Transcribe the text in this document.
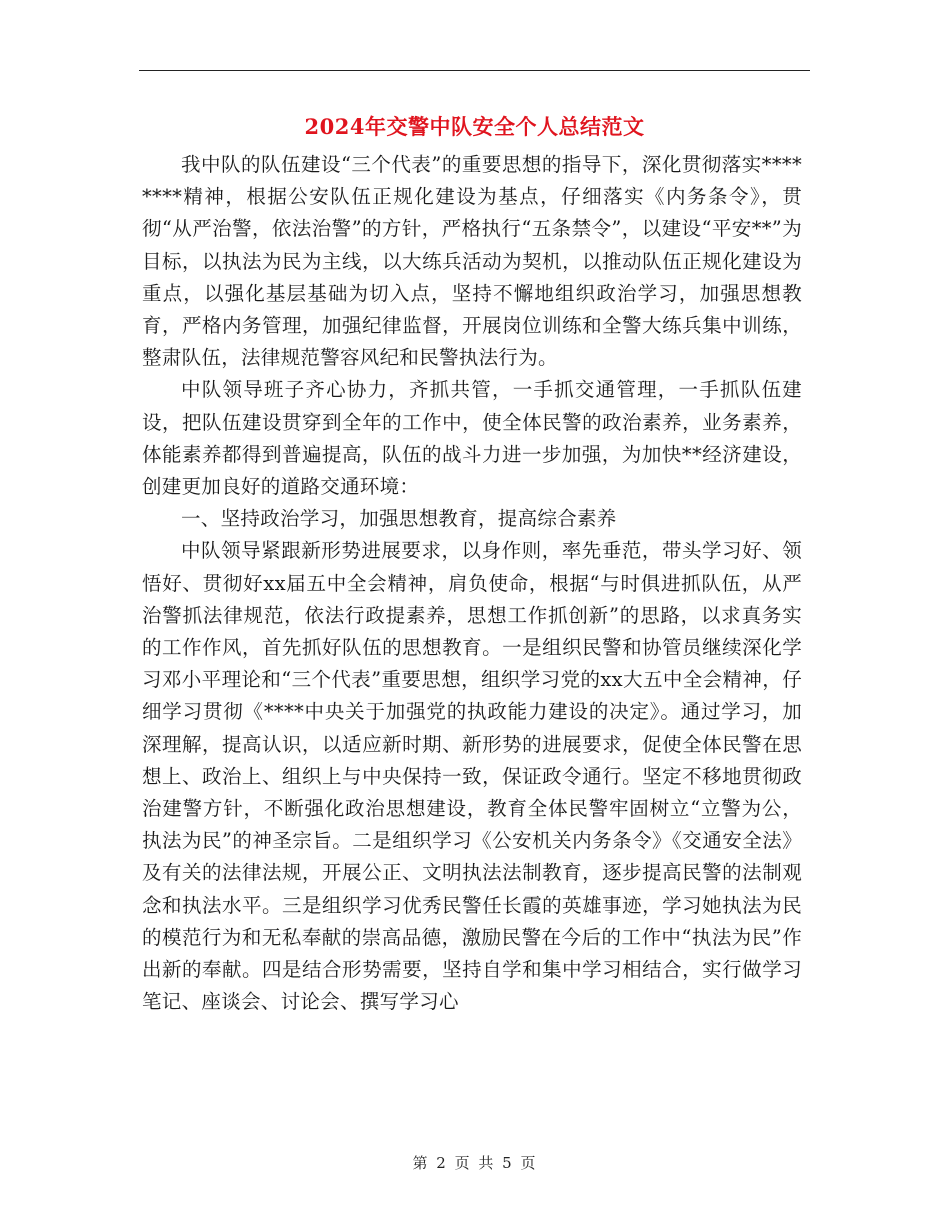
2024年交警中队安全个人总结范文

我中队的队伍建设“三个代表”的重要思想的指导下，深化贯彻落实********精神，根据公安队伍正规化建设为基点，仔细落实《内务条令》，贯彻“从严治警，依法治警”的方针，严格执行“五条禁令”，以建设“平安**”为目标，以执法为民为主线，以大练兵活动为契机，以推动队伍正规化建设为重点，以强化基层基础为切入点，坚持不懈地组织政治学习，加强思想教育，严格内务管理，加强纪律监督，开展岗位训练和全警大练兵集中训练，整肃队伍，法律规范警容风纪和民警执法行为。

中队领导班子齐心协力，齐抓共管，一手抓交通管理，一手抓队伍建设，把队伍建设贯穿到全年的工作中，使全体民警的政治素养，业务素养，体能素养都得到普遍提高，队伍的战斗力进一步加强，为加快**经济建设，创建更加良好的道路交通环境：

一、坚持政治学习，加强思想教育，提高综合素养

中队领导紧跟新形势进展要求，以身作则，率先垂范，带头学习好、领悟好、贯彻好xx届五中全会精神，肩负使命，根据“与时俱进抓队伍，从严治警抓法律规范，依法行政提素养，思想工作抓创新”的思路，以求真务实的工作作风，首先抓好队伍的思想教育。一是组织民警和协管员继续深化学习邓小平理论和“三个代表”重要思想，组织学习党的xx大五中全会精神，仔细学习贯彻《****中央关于加强党的执政能力建设的决定》。通过学习，加深理解，提高认识，以适应新时期、新形势的进展要求，促使全体民警在思想上、政治上、组织上与中央保持一致，保证政令通行。坚定不移地贯彻政治建警方针，不断强化政治思想建设，教育全体民警牢固树立“立警为公，执法为民”的神圣宗旨。二是组织学习《公安机关内务条令》《交通安全法》及有关的法律法规，开展公正、文明执法法制教育，逐步提高民警的法制观念和执法水平。三是组织学习优秀民警任长霞的英雄事迹，学习她执法为民的模范行为和无私奉献的崇高品德，激励民警在今后的工作中“执法为民”作出新的奉献。四是结合形势需要，坚持自学和集中学习相结合，实行做学习笔记、座谈会、讨论会、撰写学习心

第 2 页 共 5 页
